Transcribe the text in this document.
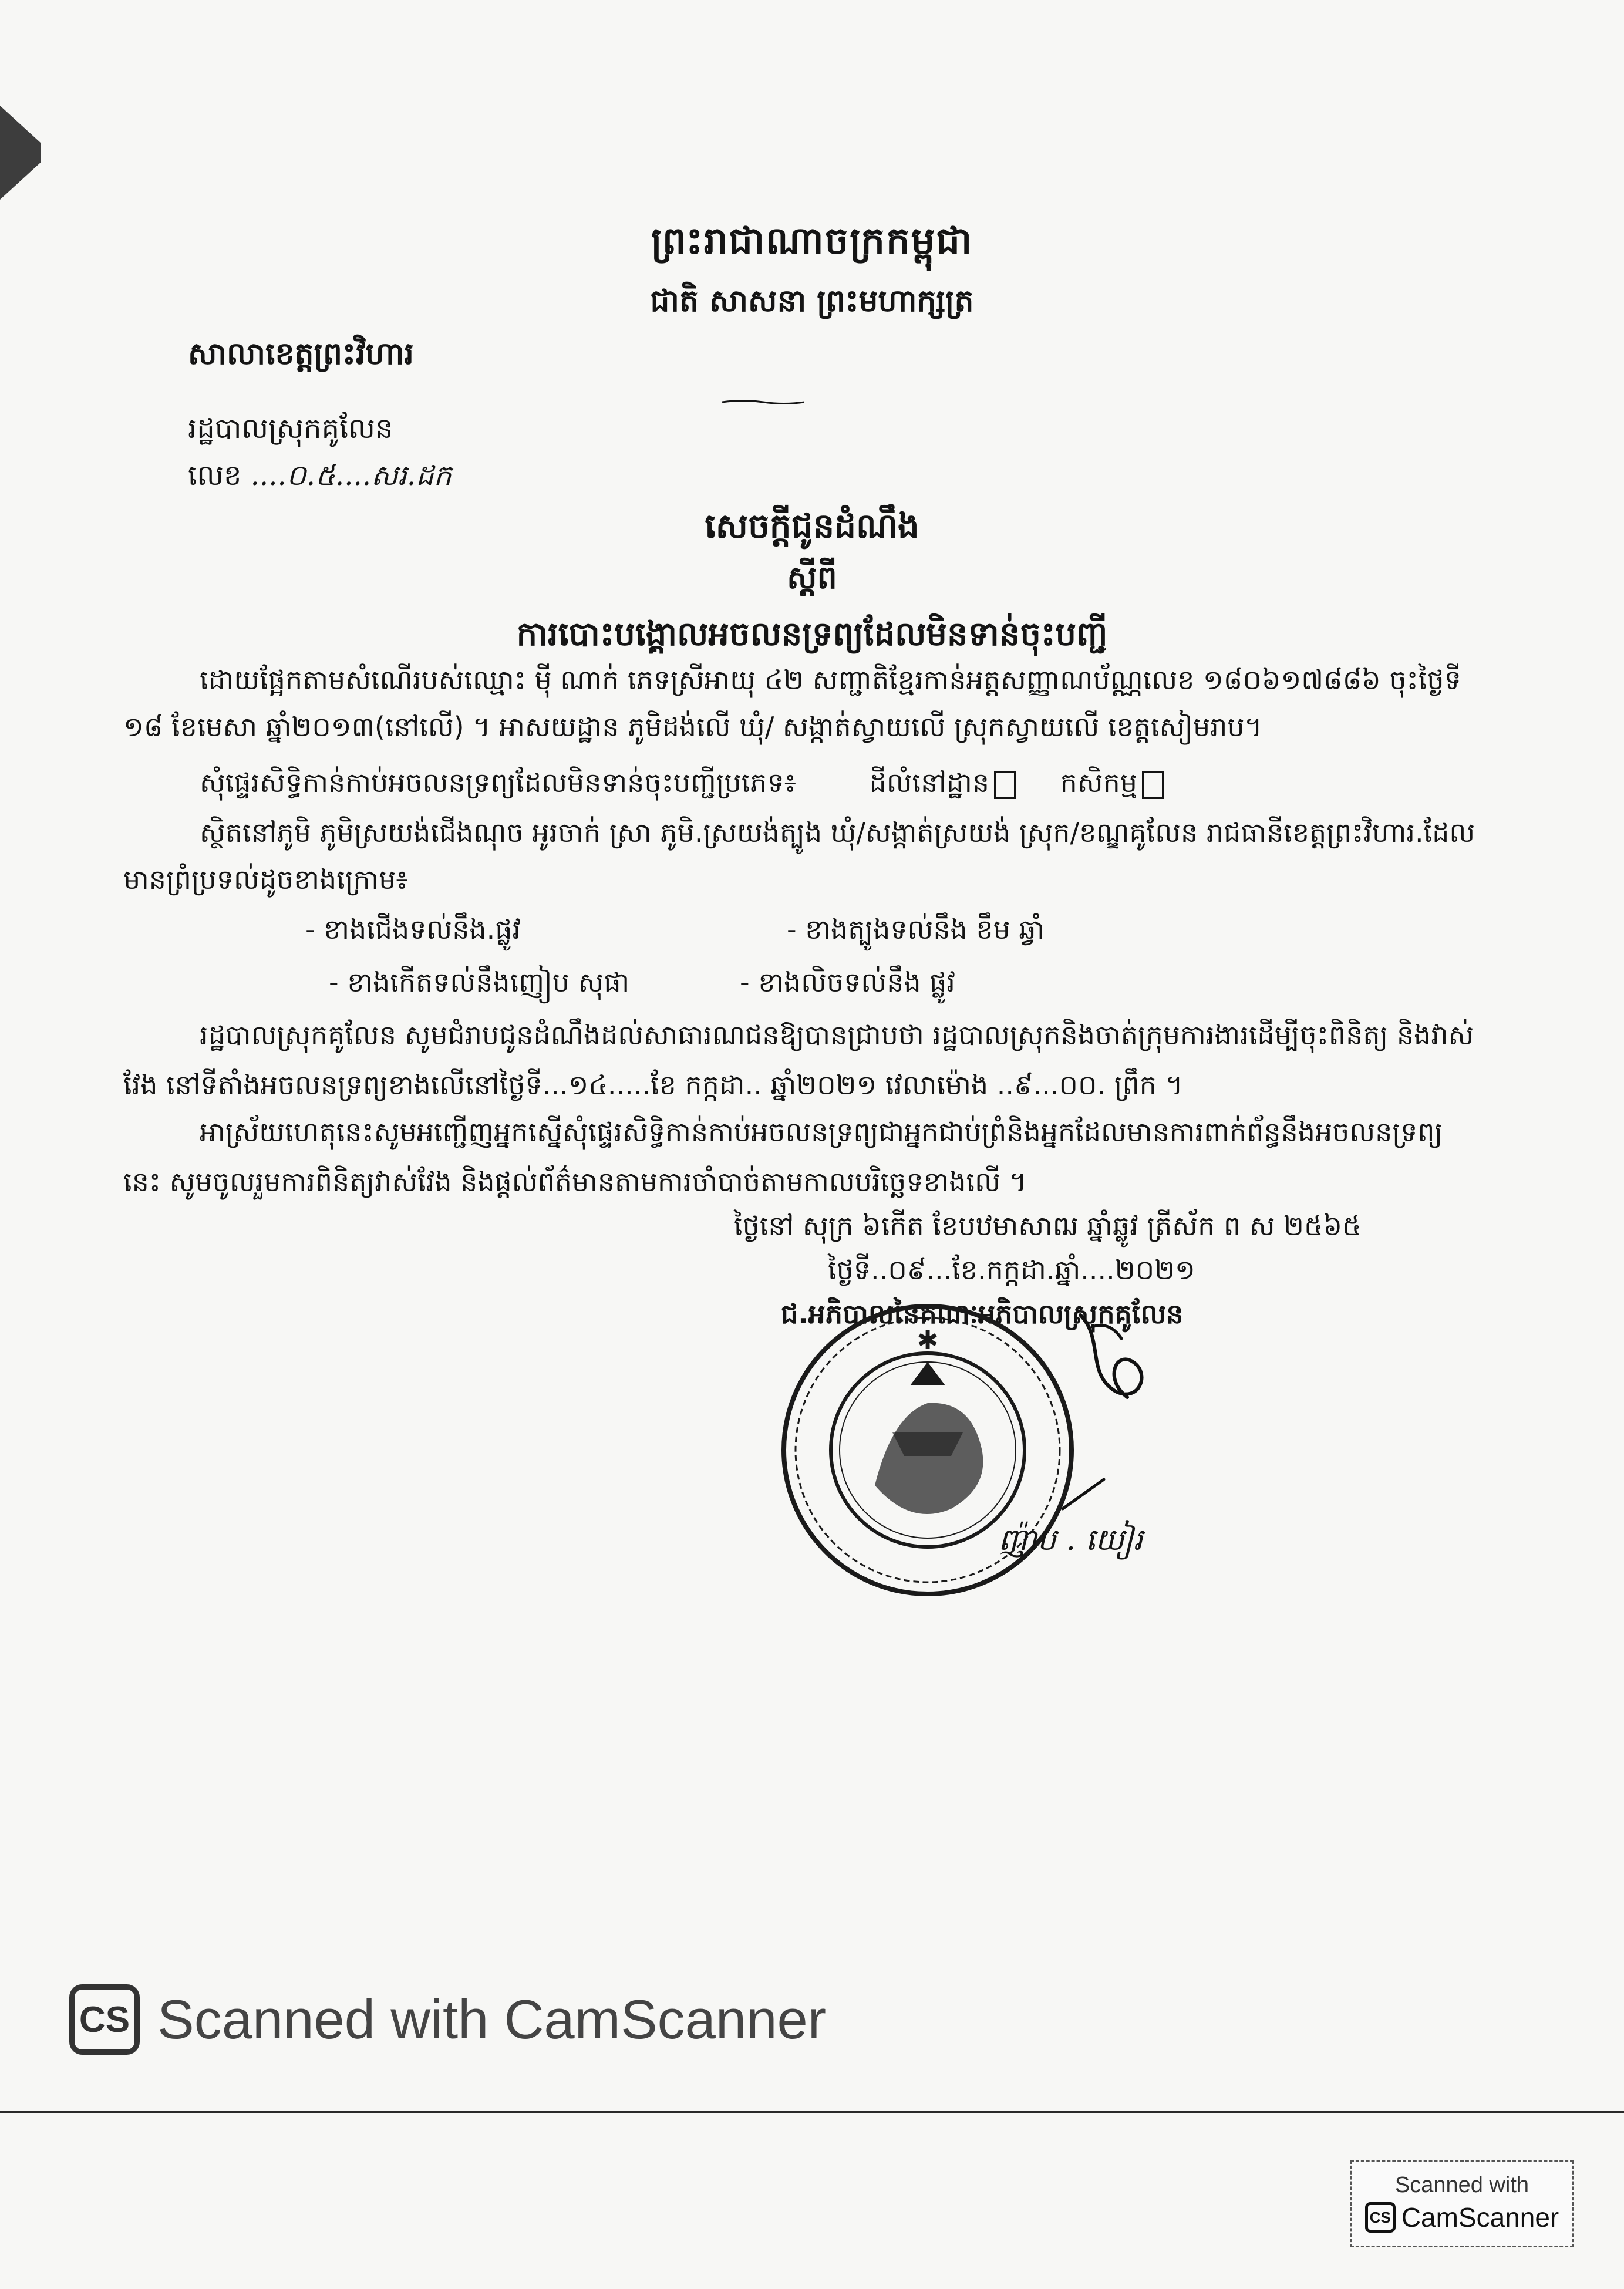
ព្រះរាជាណាចក្រកម្ពុជា
ជាតិ សាសនា ព្រះមហាក្សត្រ
សាលាខេត្តព្រះវិហារ
រដ្ឋបាលស្រុកគូលែន
លេខ ....០.៥....សរ.ដក
សេចក្តីជូនដំណឹង
ស្តីពី
ការបោះបង្គោលអចលនទ្រព្យដែលមិនទាន់ចុះបញ្ជី
ដោយផ្អែកតាមសំណើរបស់ឈ្មោះ ម៉ី ណាក់ ភេទស្រីអាយុ ៤២ សញ្ជាតិខ្មែរកាន់អត្តសញ្ញាណប័ណ្ណលេខ ១៨០៦១៧៨៨៦ ចុះថ្ងៃទី
១៨ ខែមេសា ឆ្នាំ២០១៣(នៅលើ) ។ អាសយដ្ឋាន ភូមិដង់លើ ឃុំ/ សង្កាត់ស្វាយលើ ស្រុកស្វាយលើ ខេត្តសៀមរាប។
សុំផ្ទេរសិទ្ធិកាន់កាប់អចលនទ្រព្យដែលមិនទាន់ចុះបញ្ជីប្រភេទ៖	ដីលំនៅដ្ឋាន	កសិកម្ម
ស្ថិតនៅភូមិ ភូមិស្រយង់ជើងណុច អូរចាក់ ស្រា ភូមិ.ស្រយង់ត្បូង ឃុំ/សង្កាត់ស្រយង់ ស្រុក/ខណ្ឌគូលែន រាជធានីខេត្តព្រះវិហារ.ដែល
មានព្រំប្រទល់ដូចខាងក្រោម៖
- ខាងជើងទល់នឹង.ផ្លូវ	- ខាងត្បូងទល់នឹង ខឹម ឆ្វាំ
- ខាងកើតទល់នឹងញៀប សុផា	- ខាងលិចទល់នឹង ផ្លូវ
រដ្ឋបាលស្រុកគូលែន សូមជំរាបជូនដំណឹងដល់សាធារណជនឱ្យបានជ្រាបថា រដ្ឋបាលស្រុកនិងចាត់ក្រុមការងារដើម្បីចុះពិនិត្យ និងវាស់
វែង នៅទីតាំងអចលនទ្រព្យខាងលើនៅថ្ងៃទី...១៤.....ខែ កក្កដា.. ឆ្នាំ២០២១ វេលាម៉ោង ..៩...០០. ព្រឹក ។
អាស្រ័យហេតុនេះសូមអញ្ជើញអ្នកស្នើសុំផ្ទេរសិទ្ធិកាន់កាប់អចលនទ្រព្យជាអ្នកជាប់ព្រំនិងអ្នកដែលមានការពាក់ព័ន្ធនឹងអចលនទ្រព្យ
នេះ សូមចូលរួមការពិនិត្យវាស់វែង និងផ្តល់ព័ត៌មានតាមការចាំបាច់តាមកាលបរិច្ឆេទខាងលើ ។
ថ្ងៃនៅ សុក្រ ៦កើត ខែបឋមាសាឍ ឆ្នាំឆ្លូវ ត្រីស័ក ព ស ២៥៦៥
ថ្ងៃទី..០៩...ខែ.កក្កដា.ឆ្នាំ....២០២១
ជ.អភិបាលនៃគណៈអភិបាលស្រុកគូលែន
✱
ញ៉ាប . យៀរ
CS Scanned with CamScanner
Scanned with
CS CamScanner
